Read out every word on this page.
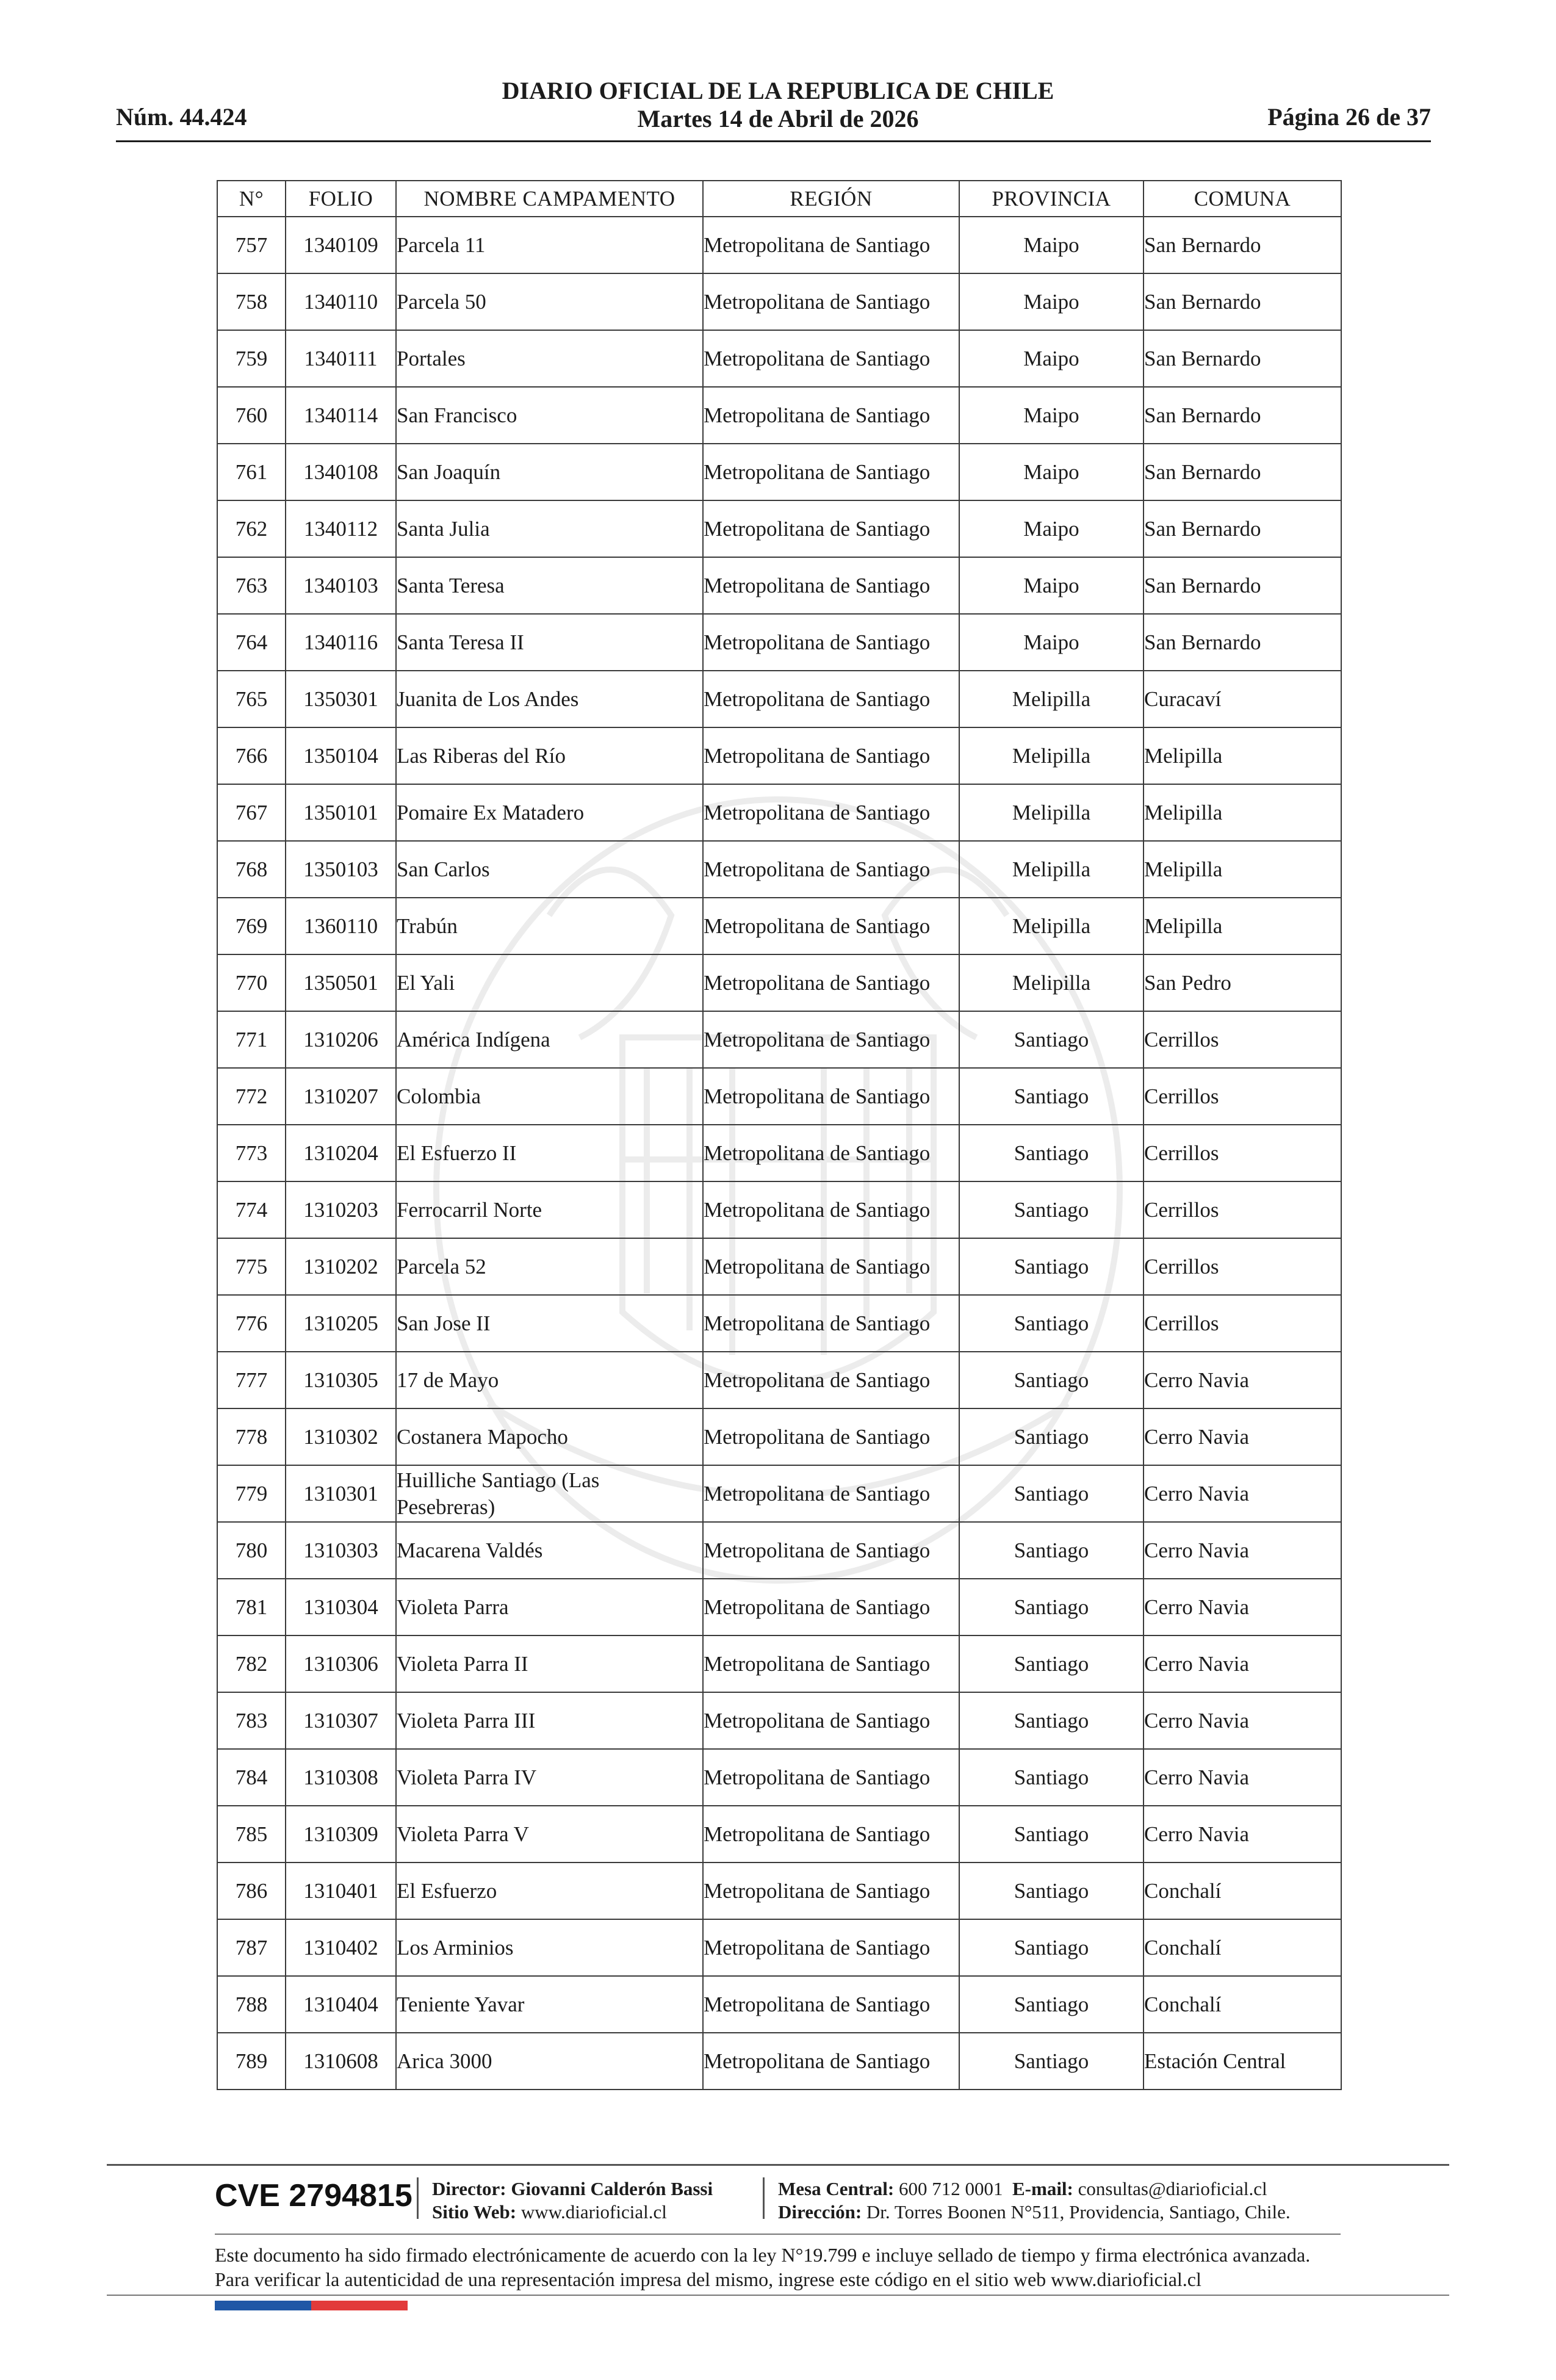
Núm. 44.424
DIARIO OFICIAL DE LA REPUBLICA DE CHILE
Martes 14 de Abril de 2026	Página 26 de 37
N°	FOLIO	NOMBRE CAMPAMENTO	REGIÓN	PROVINCIA	COMUNA
757	1340109	Parcela 11	Metropolitana de Santiago	Maipo	San Bernardo
758	1340110	Parcela 50	Metropolitana de Santiago	Maipo	San Bernardo
759	1340111	Portales	Metropolitana de Santiago	Maipo	San Bernardo
760	1340114	San Francisco	Metropolitana de Santiago	Maipo	San Bernardo
761	1340108	San Joaquín	Metropolitana de Santiago	Maipo	San Bernardo
762	1340112	Santa Julia	Metropolitana de Santiago	Maipo	San Bernardo
763	1340103	Santa Teresa	Metropolitana de Santiago	Maipo	San Bernardo
764	1340116	Santa Teresa II	Metropolitana de Santiago	Maipo	San Bernardo
765	1350301	Juanita de Los Andes	Metropolitana de Santiago	Melipilla	Curacaví
766	1350104	Las Riberas del Río	Metropolitana de Santiago	Melipilla	Melipilla
767	1350101	Pomaire Ex Matadero	Metropolitana de Santiago	Melipilla	Melipilla
768	1350103	San Carlos	Metropolitana de Santiago	Melipilla	Melipilla
769	1360110	Trabún	Metropolitana de Santiago	Melipilla	Melipilla
770	1350501	El Yali	Metropolitana de Santiago	Melipilla	San Pedro
771	1310206	América Indígena	Metropolitana de Santiago	Santiago	Cerrillos
772	1310207	Colombia	Metropolitana de Santiago	Santiago	Cerrillos
773	1310204	El Esfuerzo II	Metropolitana de Santiago	Santiago	Cerrillos
774	1310203	Ferrocarril Norte	Metropolitana de Santiago	Santiago	Cerrillos
775	1310202	Parcela 52	Metropolitana de Santiago	Santiago	Cerrillos
776	1310205	San Jose II	Metropolitana de Santiago	Santiago	Cerrillos
777	1310305	17 de Mayo	Metropolitana de Santiago	Santiago	Cerro Navia
778	1310302	Costanera Mapocho	Metropolitana de Santiago	Santiago	Cerro Navia
779	1310301	Huilliche Santiago (Las Pesebreras)	Metropolitana de Santiago	Santiago	Cerro Navia
780	1310303	Macarena Valdés	Metropolitana de Santiago	Santiago	Cerro Navia
781	1310304	Violeta Parra	Metropolitana de Santiago	Santiago	Cerro Navia
782	1310306	Violeta Parra II	Metropolitana de Santiago	Santiago	Cerro Navia
783	1310307	Violeta Parra III	Metropolitana de Santiago	Santiago	Cerro Navia
784	1310308	Violeta Parra IV	Metropolitana de Santiago	Santiago	Cerro Navia
785	1310309	Violeta Parra V	Metropolitana de Santiago	Santiago	Cerro Navia
786	1310401	El Esfuerzo	Metropolitana de Santiago	Santiago	Conchalí
787	1310402	Los Arminios	Metropolitana de Santiago	Santiago	Conchalí
788	1310404	Teniente Yavar	Metropolitana de Santiago	Santiago	Conchalí
789	1310608	Arica 3000	Metropolitana de Santiago	Santiago	Estación Central
CVE 2794815 Director: Giovanni Calderón Bassi
Sitio Web: www.diarioficial.cl
Mesa Central: 600 712 0001 E-mail: consultas@diarioficial.cl
Dirección: Dr. Torres Boonen N°511, Providencia, Santiago, Chile.
Este documento ha sido firmado electrónicamente de acuerdo con la ley N°19.799 e incluye sellado de tiempo y firma electrónica avanzada. Para verificar la autenticidad de una representación impresa del mismo, ingrese este código en el sitio web www.diarioficial.cl
